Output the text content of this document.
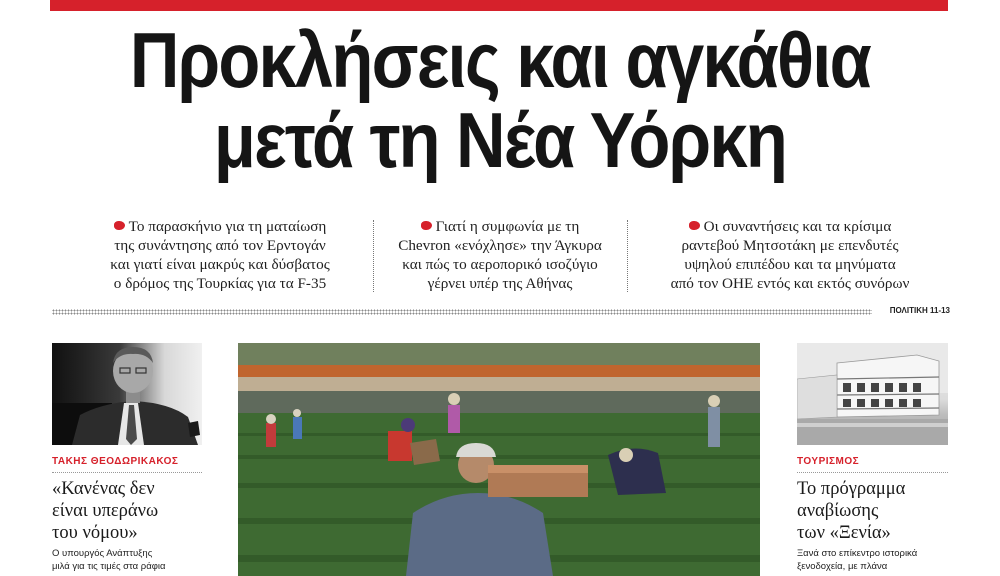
Προκλήσεις και αγκάθια
μετά τη Νέα Υόρκη
Το παρασκήνιο για τη ματαίωση
της συνάντησης από τον Ερντογάν
και γιατί είναι μακρύς και δύσβατος
ο δρόμος της Τουρκίας για τα F-35
Γιατί η συμφωνία με τη
Chevron «ενόχλησε» την Άγκυρα
και πώς το αεροπορικό ισοζύγιο
γέρνει υπέρ της Αθήνας
Οι συναντήσεις και τα κρίσιμα
ραντεβού Μητσοτάκη με επενδυτές
υψηλού επιπέδου και τα μηνύματα
από τον ΟΗΕ εντός και εκτός συνόρων
ΠΟΛΙΤΙΚΗ 11-13
ΤΑΚΗΣ ΘΕΟΔΩΡΙΚΑΚΟΣ
«Κανένας δεν
είναι υπεράνω
του νόμου»
Ο υπουργός Ανάπτυξης
μιλά για τις τιμές στα ράφια
ΤΟΥΡΙΣΜΟΣ
Το πρόγραμμα
αναβίωσης
των «Ξενία»
Ξανά στο επίκεντρο ιστορικά
ξενοδοχεία, με πλάνα
